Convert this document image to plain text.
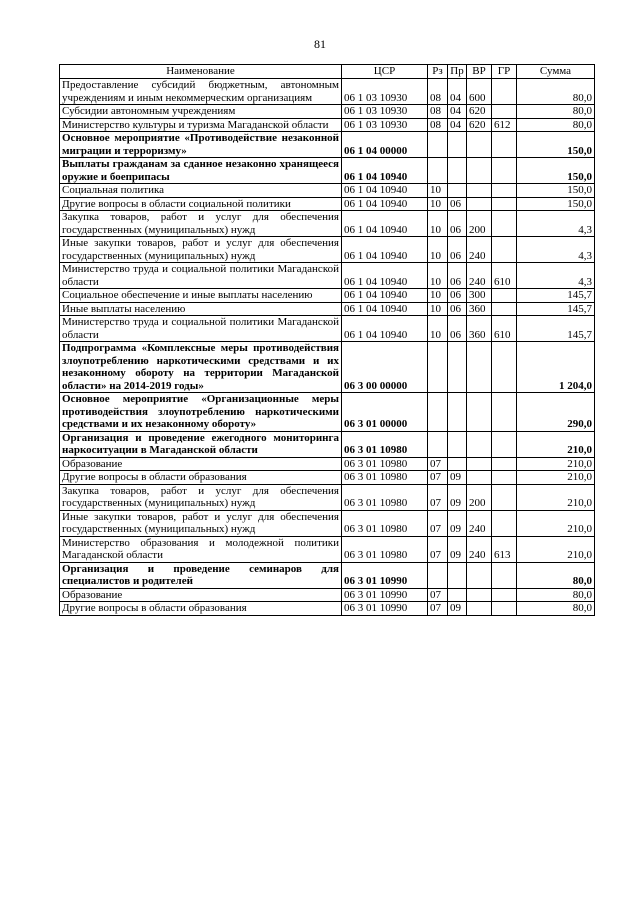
81
Наименование	ЦСР	Рз	Пр	ВР	ГР	Сумма
Предоставление субсидий бюджетным, автономным учреждениям и иным некоммерческим организациям	06 1 03 10930	08	04	600		80,0
Субсидии автономным учреждениям	06 1 03 10930	08	04	620		80,0
Министерство культуры и туризма Магаданской области	06 1 03 10930	08	04	620	612	80,0
Основное мероприятие «Противодействие незаконной миграции и терроризму»	06 1 04 00000					150,0
Выплаты гражданам за сданное незаконно хранящееся оружие и боеприпасы	06 1 04 10940					150,0
Социальная политика	06 1 04 10940	10				150,0
Другие вопросы в области социальной политики	06 1 04 10940	10	06			150,0
Закупка товаров, работ и услуг для обеспечения государственных (муниципальных) нужд	06 1 04 10940	10	06	200		4,3
Иные закупки товаров, работ и услуг для обеспечения государственных (муниципальных) нужд	06 1 04 10940	10	06	240		4,3
Министерство труда и социальной политики Магаданской области	06 1 04 10940	10	06	240	610	4,3
Социальное обеспечение и иные выплаты населению	06 1 04 10940	10	06	300		145,7
Иные выплаты населению	06 1 04 10940	10	06	360		145,7
Министерство труда и социальной политики Магаданской области	06 1 04 10940	10	06	360	610	145,7
Подпрограмма «Комплексные меры противодействия злоупотреблению наркотическими средствами и их незаконному обороту на территории Магаданской области» на 2014-2019 годы»	06 3 00 00000					1 204,0
Основное мероприятие «Организационные меры противодействия злоупотреблению наркотическими средствами и их незаконному обороту»	06 3 01 00000					290,0
Организация и проведение ежегодного мониторинга наркоситуации в Магаданской области	06 3 01 10980					210,0
Образование	06 3 01 10980	07				210,0
Другие вопросы в области образования	06 3 01 10980	07	09			210,0
Закупка товаров, работ и услуг для обеспечения государственных (муниципальных) нужд	06 3 01 10980	07	09	200		210,0
Иные закупки товаров, работ и услуг для обеспечения государственных (муниципальных) нужд	06 3 01 10980	07	09	240		210,0
Министерство образования и молодежной политики Магаданской области	06 3 01 10980	07	09	240	613	210,0
Организация и проведение семинаров для специалистов и родителей	06 3 01 10990					80,0
Образование	06 3 01 10990	07				80,0
Другие вопросы в области образования	06 3 01 10990	07	09			80,0
